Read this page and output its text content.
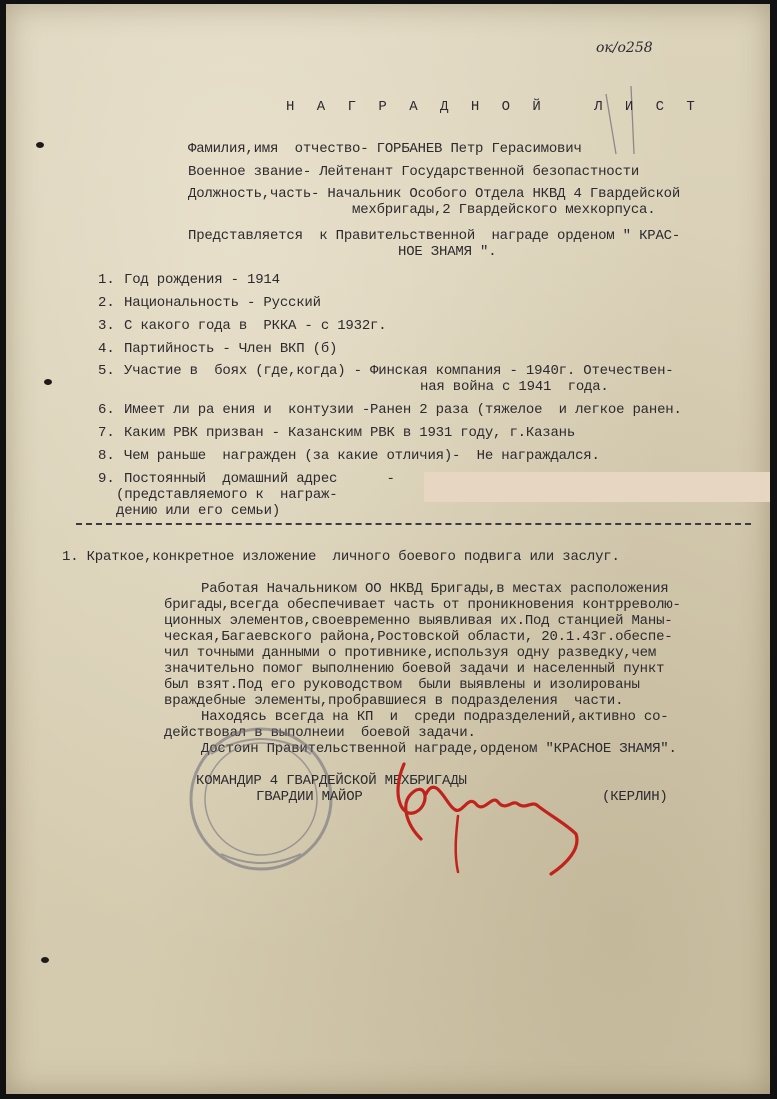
oк/o258
Н А Г Р А Д Н О Й   Л И С Т
Фамилия,имя  отчество- ГОРБАНЕВ Петр Герасимович
Военное звание- Лейтенант Государственной безопастности
Должность,часть- Начальник Особого Отдела НКВД 4 Гвардейской
мехбригады,2 Гвардейского мехкорпуса.
Представляется  к Правительственной  награде орденом " КРАС-
НОЕ ЗНАМЯ ".
1. Год рождения - 1914
2. Национальность - Русский
3. С какого года в  РККА - с 1932г.
4. Партийность - Член ВКП (б)
5. Участие в  боях (где,когда) - Финская компания - 1940г. Отечествен-
ная война с 1941  года.
6. Имеет ли ра ения и  контузии -Ранен 2 раза (тяжелое  и легкое ранен.
7. Каким РВК призван - Казанским РВК в 1931 году, г.Казань
8. Чем раньше  награжден (за какие отличия)-  Не награждался.
9. Постоянный  домашний адрес      -
(представляемого к  награж-
дению или его семьи)
1. Краткое,конкретное изложение  личного боевого подвига или заслуг.
Работая Начальником ОО НКВД Бригады,в местах расположения
бригады,всегда обеспечивает часть от проникновения контрреволю-
ционных элементов,своевременно выявливая их.Под станцией Маны-
ческая,Багаевского района,Ростовской области, 20.1.43г.обеспе-
чил точными данными о противнике,используя одну разведку,чем
значительно помог выполнению боевой задачи и населенный пункт
был взят.Под его руководством  были выявлены и изолированы
враждебные элементы,пробравшиеся в подразделения  части.
Находясь всегда на КП  и  среди подразделений,активно со-
действовал в выполнеии  боевой задачи.
Достоин Правительственной награде,орденом "КРАСНОЕ ЗНАМЯ".
КОМАНДИР 4 ГВАРДЕЙСКОЙ МЕХБРИГАДЫ
ГВАРДИИ МАЙОР	(КЕРЛИН)
